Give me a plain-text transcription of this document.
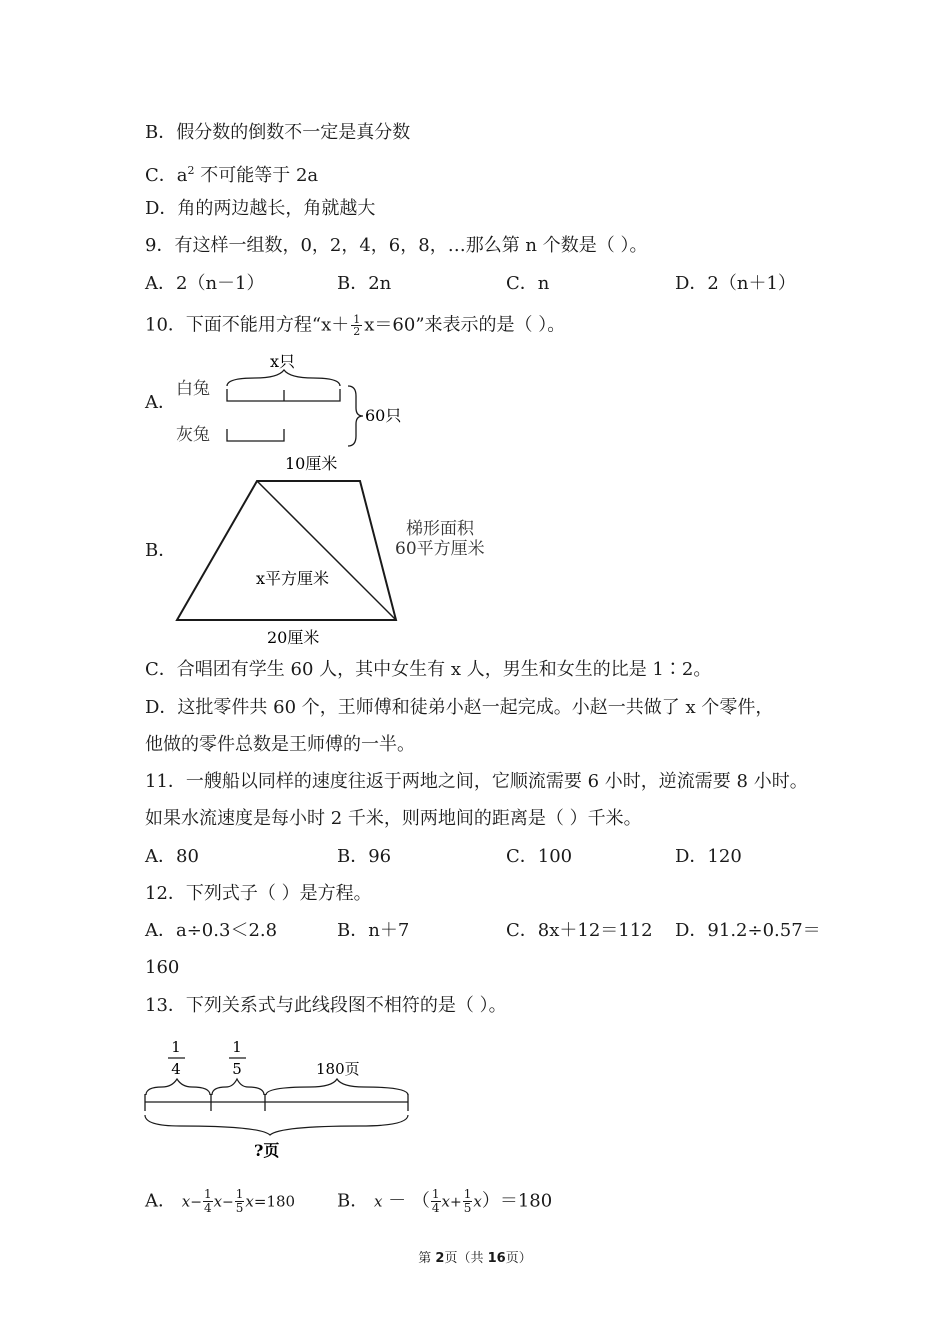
B．假分数的倒数不一定是真分数
C．$a^2$ 不可能等于 2a
D．角的两边越长，角就越大
9．有这样一组数，0，2，4，6，8，…那么第 n 个数是（ ）。
A．2（n－1）	B．2n	C．n	D．2（n＋1）
10．下面不能用方程“$x+ \frac{1}{2} x=60$”来表示的是（ ）。
A．
x只
白兔
灰兔
60只
B．
10厘米
x平方厘米
梯形面积
60平方厘米
20厘米
C．合唱团有学生 60 人，其中女生有 x 人，男生和女生的比是 1∶2。
D．这批零件共 60 个，王师傅和徒弟小赵一起完成。小赵一共做了 x 个零件，
他做的零件总数是王师傅的一半。
11．一艘船以同样的速度往返于两地之间，它顺流需要 6 小时，逆流需要 8 小时。
如果水流速度是每小时 2 千米，则两地间的距离是（ ）千米。
A．80	B．96	C．100	D．120
12．下列式子（ ）是方程。
A．a÷0.3＜2.8	B．n＋7	C．8x＋12＝112 D．91.2÷0.57＝
160
13．下列关系式与此线段图不相符的是（ ）。
1
4
1
5	180页
?页
A． $x- \frac{1}{4} x- \frac{1}{5} x=180$ B． x － （ $\frac{1}{4} x+ \frac{1}{5} x)=180$
第 2页（共 16页）
